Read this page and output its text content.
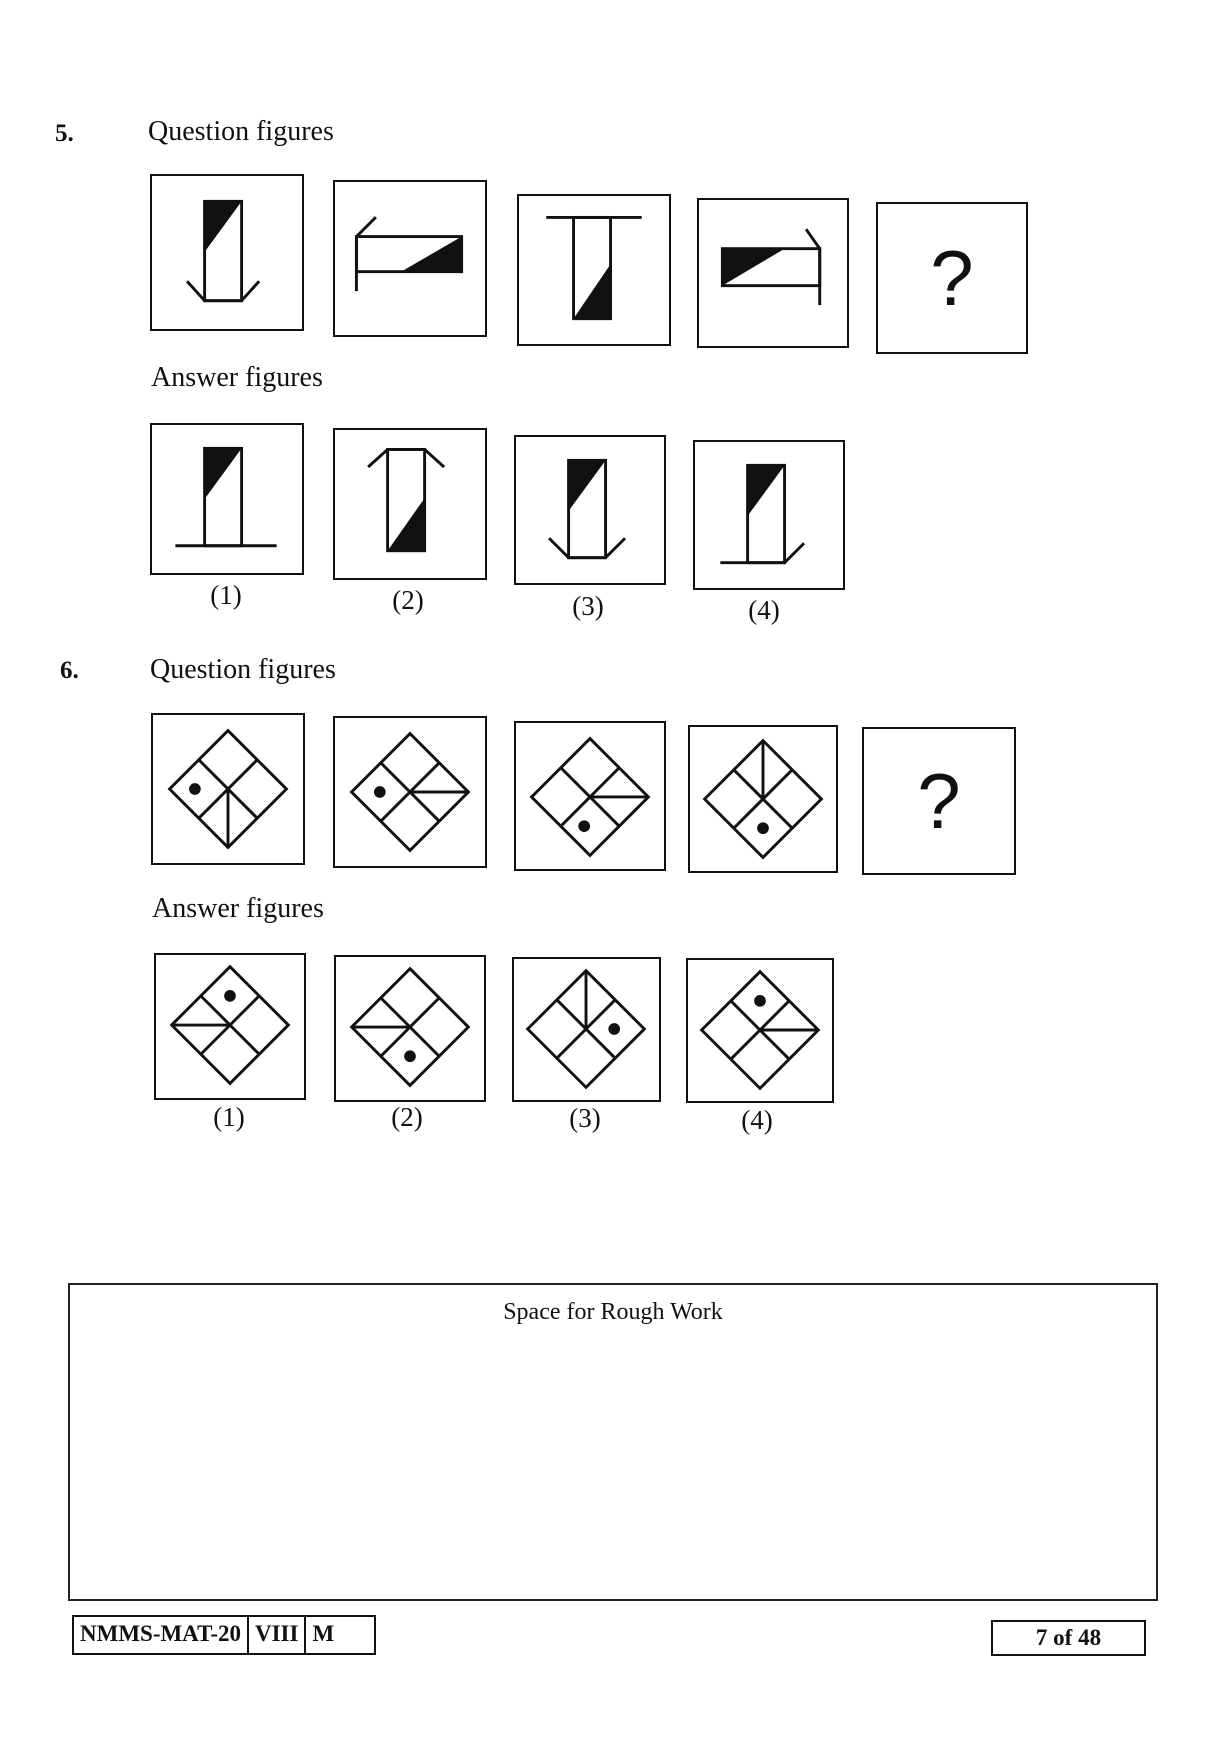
5.	Question figures
?
Answer figures
(1)	(2)	(3)	(4)
6.	Question figures
?
Answer figures
(1)	(2)	(3)	(4)
Space for Rough Work
NMMS-MAT-20 VIII M	7 of 48
